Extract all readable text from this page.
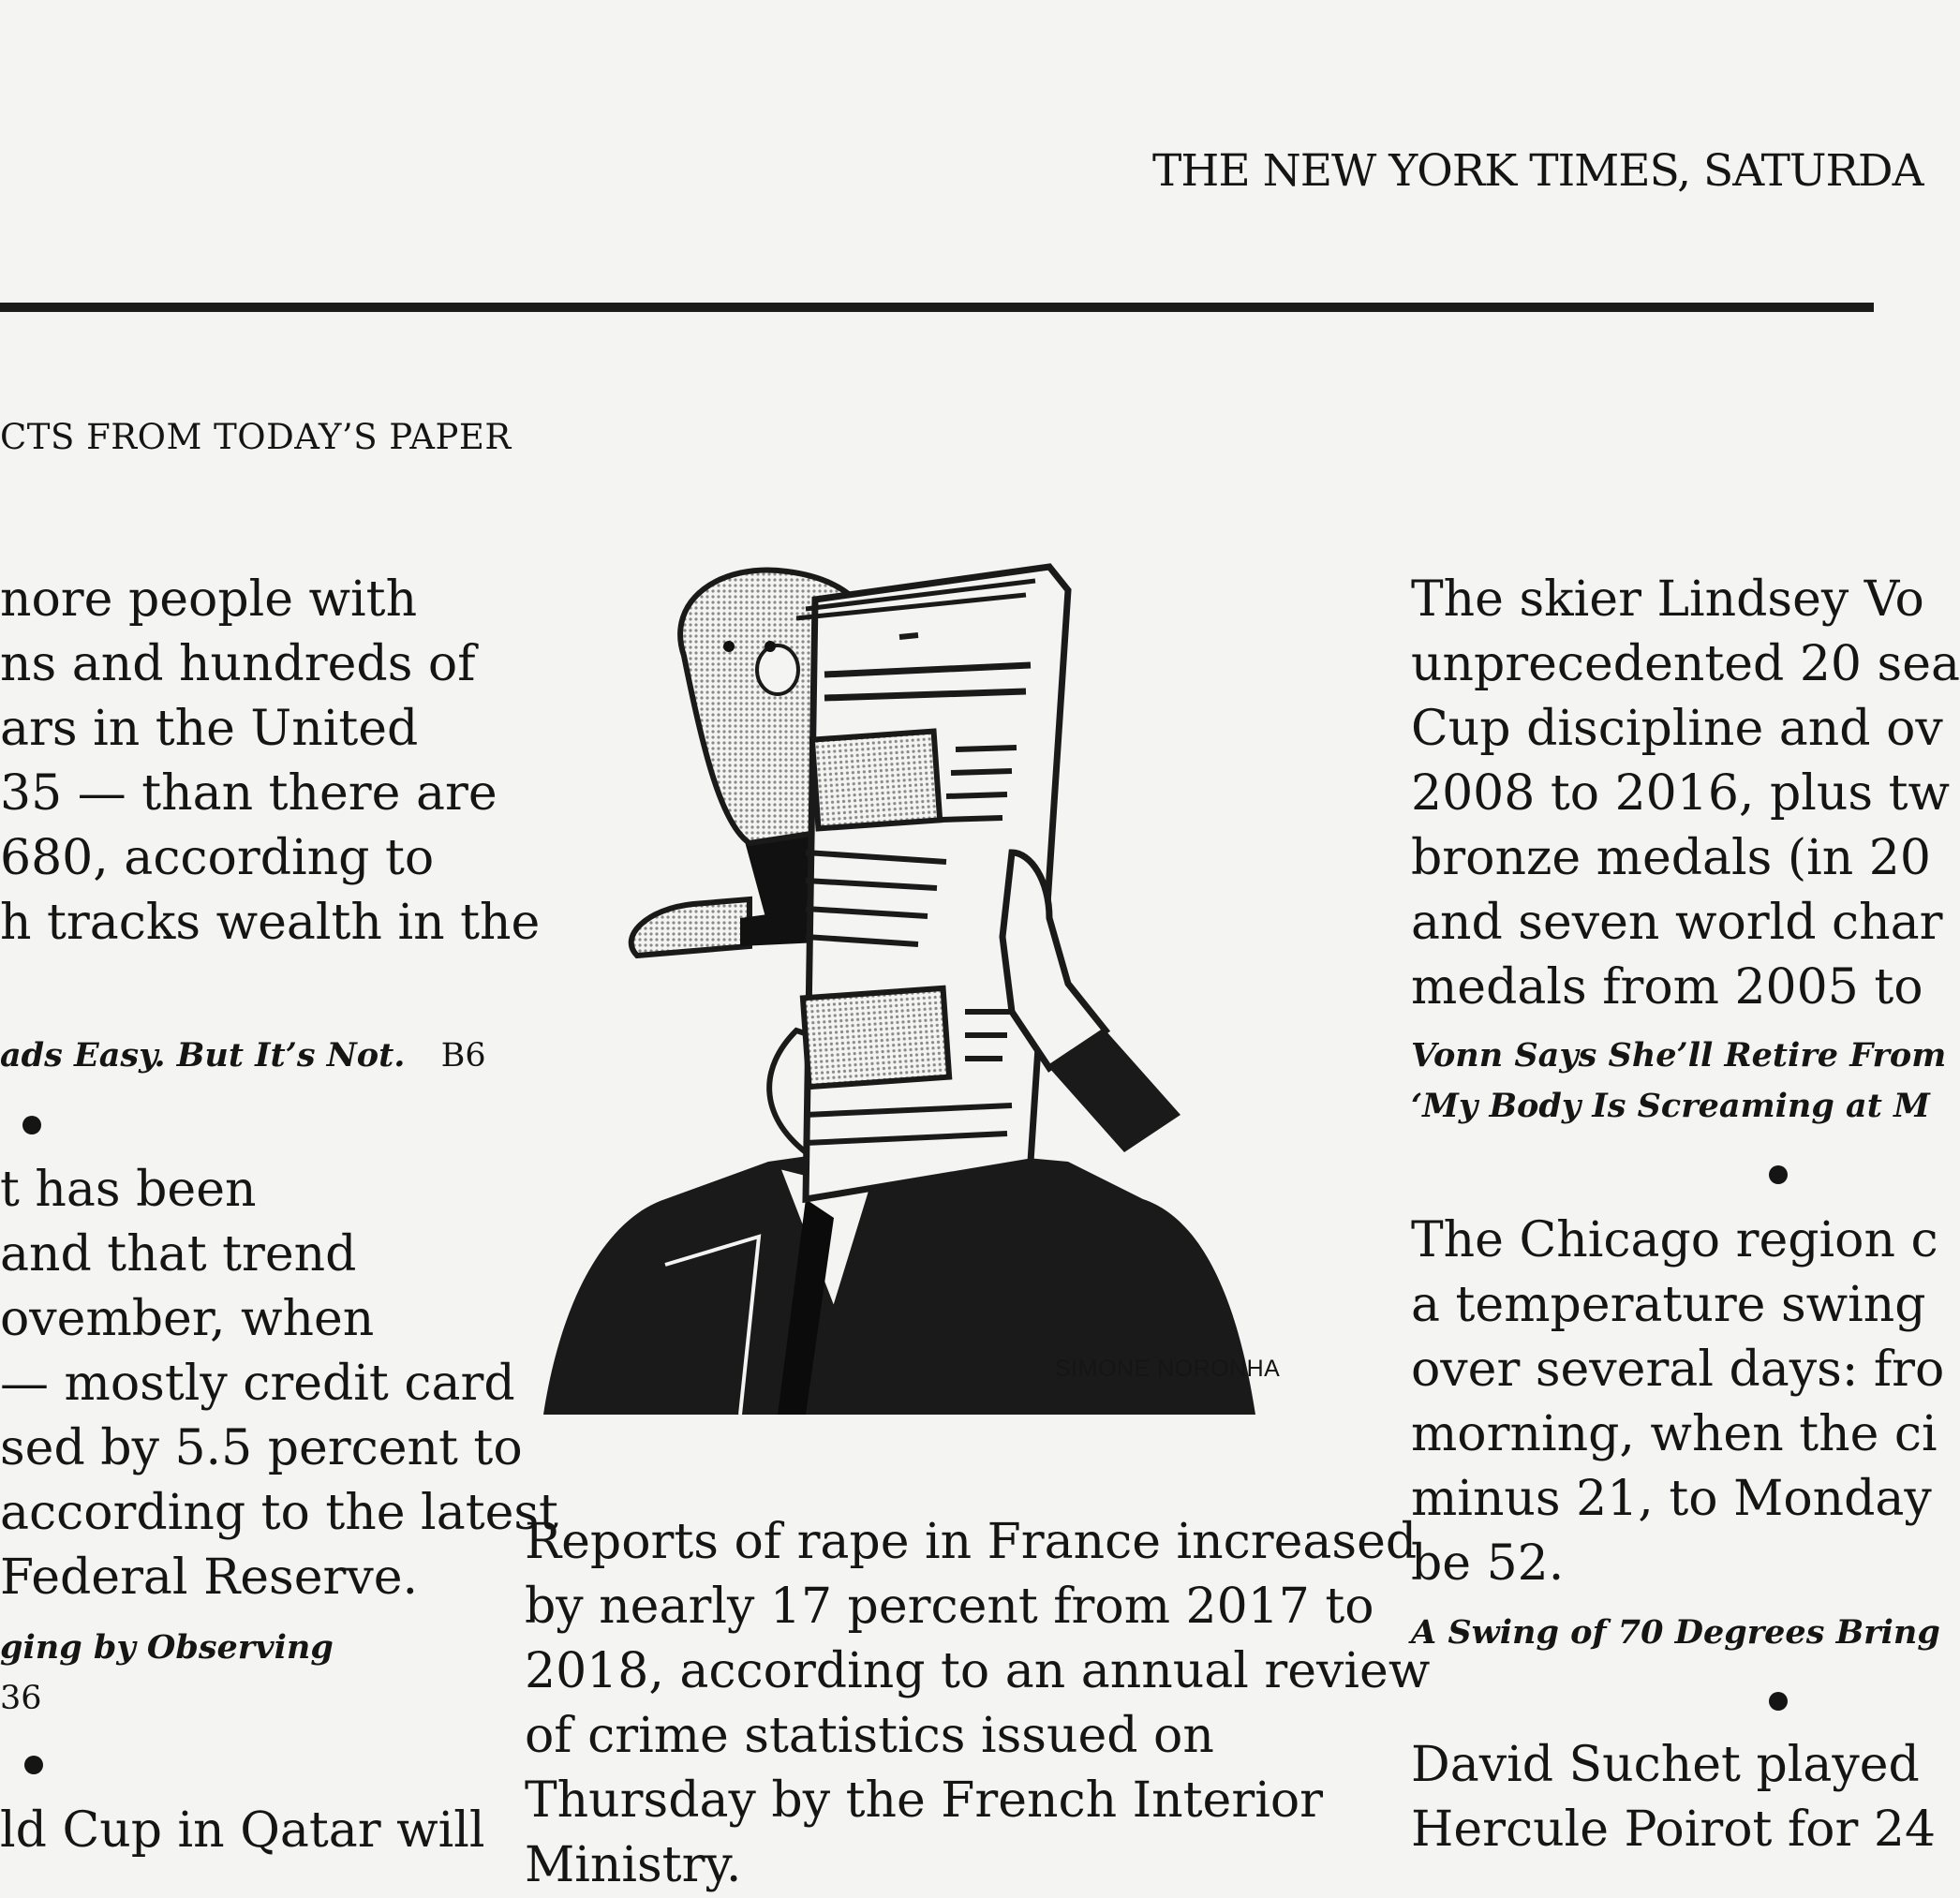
THE NEW YORK TIMES, SATURDA
CTS FROM TODAY’S PAPER
nore people with
ns and hundreds of
ars in the United
35 — than there are
680, according to
h tracks wealth in the
ads Easy. But It’s Not. B6
t has been
and that trend
ovember, when
— mostly credit card
sed by 5.5 percent to
according to the latest
Federal Reserve.
ging by Observing
36
ld Cup in Qatar will
SIMONE NORONHA
Reports of rape in France increased
by nearly 17 percent from 2017 to
2018, according to an annual review
of crime statistics issued on
Thursday by the French Interior
Ministry.
The skier Lindsey Vo
unprecedented 20 sea
Cup discipline and ov
2008 to 2016, plus tw
bronze medals (in 20
and seven world char
medals from 2005 to
Vonn Says She’ll Retire From
‘My Body Is Screaming at M
The Chicago region c
a temperature swing
over several days: fro
morning, when the ci
minus 21, to Monday
be 52.
A Swing of 70 Degrees Bring
David Suchet played
Hercule Poirot for 24
